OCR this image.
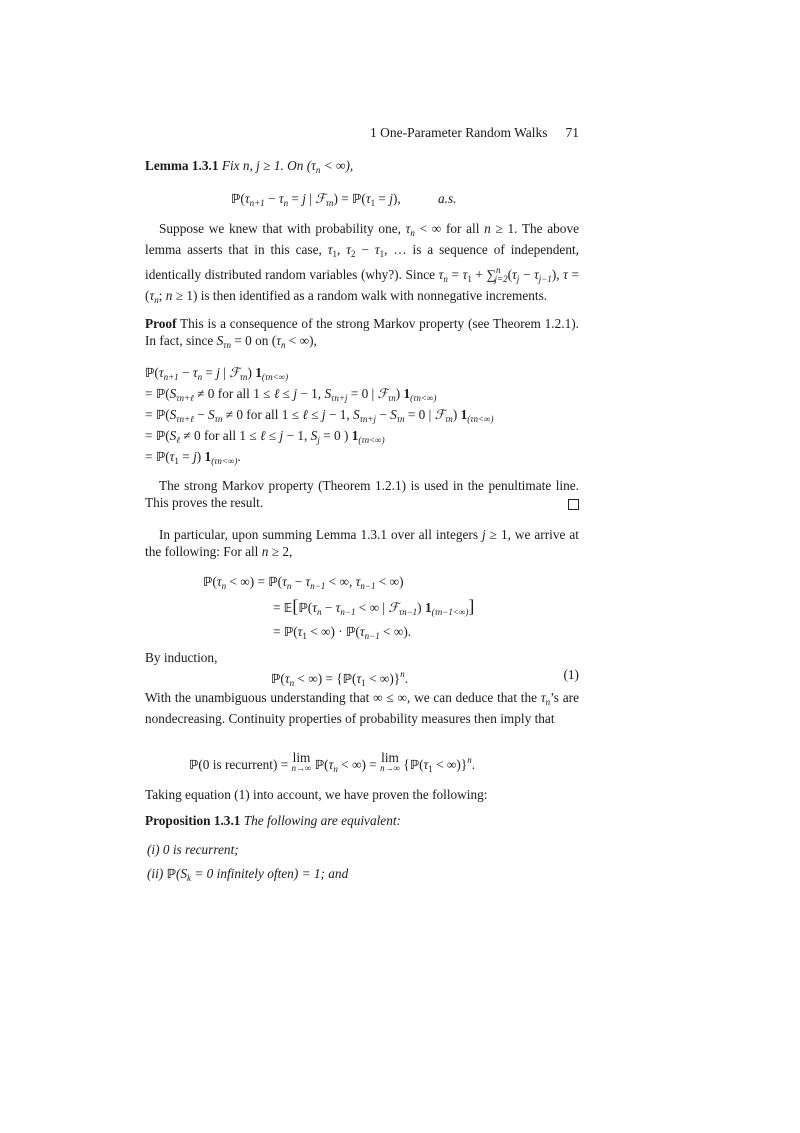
1 One-Parameter Random Walks 71
Lemma 1.3.1 Fix n, j ≥ 1. On ($\tau_n$ < ∞),
$ℙ(\tau_{n+1} - \tau_n = j$ | ℱ$_{\tau n}$) = $ℙ(\tau_1 = j)$,	a.s.
Suppose we knew that with probability one, $\tau_n$ < ∞ for all n ≥ 1. The above lemma asserts that in this case, $\tau_1$, $\tau_2 - \tau_1$, … is a sequence of independent, identically distributed random variables (why?). Since $\tau_n = \tau_1 + \sum^n_{j=2}(\tau_j - \tau_{j-1})$, $\tau = (\tau_n$; n ≥ 1) is then identified as a random walk with nonnegative increments.
Proof This is a consequence of the strong Markov property (see Theorem 1.2.1). In fact, since $S_{\tau n} = 0$ on ($\tau_n$ < ∞),
$ℙ(\tau_{n+1} - \tau_n = j$ | ℱ$_{\tau n}$) $1_{(\tau n<\infty)}$
= $ℙ(S_{\tau n+\ell} \ne 0$ for all 1 ≤ ℓ ≤ j − 1, $S_{\tau n+j} = 0$ | ℱ$_{\tau n}$) $1_{(\tau n<\infty)}$
= $ℙ(S_{\tau n+\ell} - S_{\tau n} \ne 0$ for all 1 ≤ ℓ ≤ j − 1, $S_{\tau n+j} - S_{\tau n} = 0$ | ℱ$_{\tau n}$) $1_{(\tau n<\infty)}$
= $ℙ(S_\ell \ne 0$ for all 1 ≤ ℓ ≤ j − 1, $S_j = 0$ ) $1_{(\tau n<\infty)}$
= $ℙ(\tau_1 = j)$ $1_{(\tau n<\infty)}$.
The strong Markov property (Theorem 1.2.1) is used in the penultimate line. This proves the result.
In particular, upon summing Lemma 1.3.1 over all integers j ≥ 1, we arrive at the following: For all n ≥ 2,
$ℙ(\tau_n$ < ∞) = $ℙ(\tau_n - \tau_{n-1}$ < ∞, $\tau_{n-1}$ < ∞)
= $𝔼[ℙ(\tau_n - \tau_{n-1}$ < ∞ | ℱ$_{\tau n-1}$) $1_{(\tau n-1<\infty)}$]
= $ℙ(\tau_1$ < ∞) · $ℙ(\tau_{n-1}$ < ∞).
By induction,
$ℙ(\tau_n$ < ∞) = $\{ℙ(\tau_1 < \infty)\}^n$.	(1)
With the unambiguous understanding that ∞ ≤ ∞, we can deduce that the $\tau_n’s$ are nondecreasing. Continuity properties of probability measures then imply that
ℙ(0 is recurrent) = lim
n→∞ $ℙ(\tau_n$ < ∞) = lim
n→∞ $\{ℙ(\tau_1 < \infty)\}^n$.
Taking equation (1) into account, we have proven the following:
Proposition 1.3.1 The following are equivalent:
(i) 0 is recurrent;
(ii) $ℙ(S_k = 0$ infinitely often) = 1; and
